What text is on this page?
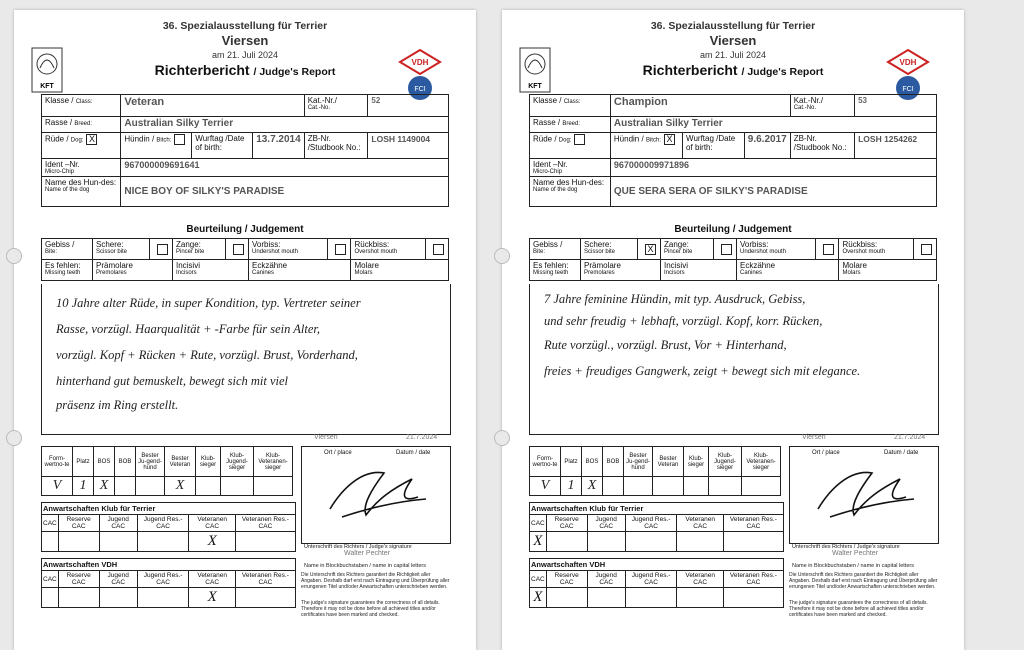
36. Spezialausstellung für Terrier
Viersen
am 21. Juli 2024
Richterbericht / Judge's Report
KFT
VDH
FCI
Klasse / Class:	Veteran			Kat.-Nr./
Cat.-No.	52
Rasse / Breed:	Australian Silky Terrier				
Rüde / Dog: X	Hündin / Bitch:	Wurftag /Date of birth:	13.7.2014	ZB-Nr. /Studbook No.:	LOSH 1149004
Ident –Nr.
Micro-Chip	967000009691641				
Name des Hun-des:
Name of the dog	NICE BOY OF SILKY'S PARADISE				
Beurteilung / Judgement
Gebiss /
Bite:	Schere:
Scissor bite		Zange:
Pincer bite		Vorbiss:
Undershot mouth		Rückbiss:
Overshot mouth	

Es fehlen:
Missing teeth	Prämolare
Premolares		Incisivi
Incisors		Eckzähne
Canines		Molare
Molars	
10 Jahre alter Rüde, in super Kondition, typ. Vertreter seiner
Rasse, vorzügl. Haarqualität + -Farbe für sein Alter,
vorzügl. Kopf + Rücken + Rute, vorzügl. Brust, Vorderhand,
hinterhand gut bemuskelt, bewegt sich mit viel
präsenz im Ring erstellt.
Viersen	21.7.2024
Form-wertno-te	Platz	BOS	BOB	Bester Ju-gend-hund	Bester Veteran	Klub-sieger	Klub-Jugend-sieger	Klub-Veteranen-sieger
V	1	X			X			
Anwartschaften Klub für Terrier					
CAC	Reserve CAC	Jugend CAC	Jugend Res.-CAC	Veteranen CAC	Veteranen Res.-CAC
				X	
Anwartschaften VDH					
CAC	Reserve CAC	Jugend CAC	Jugend Res.-CAC	Veteranen CAC	Veteranen Res.-CAC
				X	
Ort / place	Datum / date
Unterschrift des Richters / Judge's signature
Walter Pechter
Name in Blockbuchstaben / name in capital letters
Die Unterschrift des Richters garantiert die Richtigkeit aller Angaben. Deshalb darf erst nach Eintragung und Überprüfung aller errungenen Titel und/oder Anwartschaften unterschrieben werden.
The judge's signature guarantees the correctness of all details. Therefore it may not be done before all achieved titles and/or certificates have been marked and checked.
36. Spezialausstellung für Terrier
Viersen
am 21. Juli 2024
Richterbericht / Judge's Report
KFT
VDH
FCI
Klasse / Class:	Champion			Kat.-Nr./
Cat.-No.	53
Rasse / Breed:	Australian Silky Terrier				
Rüde / Dog:	Hündin / Bitch: X	Wurftag /Date of birth:	9.6.2017	ZB-Nr. /Studbook No.:	LOSH 1254262
Ident –Nr.
Micro-Chip	967000009971896				
Name des Hun-des:
Name of the dog	QUE SERA SERA OF SILKY'S PARADISE				
Beurteilung / Judgement
Gebiss /
Bite:	Schere:
Scissor bite	X	Zange:
Pincer bite		Vorbiss:
Undershot mouth		Rückbiss:
Overshot mouth	

Es fehlen:
Missing teeth	Prämolare
Premolares		Incisivi
Incisors		Eckzähne
Canines		Molare
Molars	
7 Jahre feminine Hündin, mit typ. Ausdruck, Gebiss,
und sehr freudig + lebhaft, vorzügl. Kopf, korr. Rücken,
Rute vorzügl., vorzügl. Brust, Vor + Hinterhand,
freies + freudiges Gangwerk, zeigt + bewegt sich mit elegance.
Viersen	21.7.2024
Form-wertno-te	Platz	BOS	BOB	Bester Ju-gend-hund	Bester Veteran	Klub-sieger	Klub-Jugend-sieger	Klub-Veteranen-sieger
V	1	X						
Anwartschaften Klub für Terrier					
CAC	Reserve CAC	Jugend CAC	Jugend Res.-CAC	Veteranen CAC	Veteranen Res.-CAC
X					
Anwartschaften VDH					
CAC	Reserve CAC	Jugend CAC	Jugend Res.-CAC	Veteranen CAC	Veteranen Res.-CAC
X					
Ort / place	Datum / date
Unterschrift des Richters / Judge's signature
Walter Pechter
Name in Blockbuchstaben / name in capital letters
Die Unterschrift des Richters garantiert die Richtigkeit aller Angaben. Deshalb darf erst nach Eintragung und Überprüfung aller errungenen Titel und/oder Anwartschaften unterschrieben werden.
The judge's signature guarantees the correctness of all details. Therefore it may not be done before all achieved titles and/or certificates have been marked and checked.
